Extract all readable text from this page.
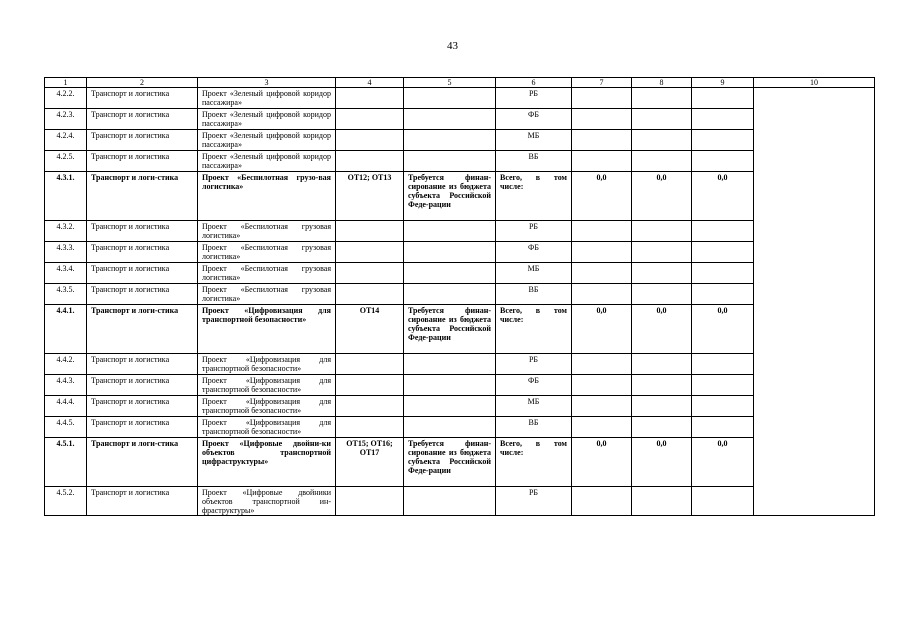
43
1	2	3	4	5	6	7	8	9	10
4.2.2.	Транспорт и логистика	Проект «Зеленый цифровой коридор пассажира»			РБ				
4.2.3.	Транспорт и логистика	Проект «Зеленый цифровой коридор пассажира»			ФБ				
4.2.4.	Транспорт и логистика	Проект «Зеленый цифровой коридор пассажира»			МБ				
4.2.5.	Транспорт и логистика	Проект «Зеленый цифровой коридор пассажира»			ВБ				
4.3.1.	Транспорт и логи-стика	Проект «Беспилотная грузо-вая логистика»	ОТ12; ОТ13	Требуется финан-сирование из бюджета субъекта Российской Феде-рации	Всего, в том числе:	0,0	0,0	0,0	
4.3.2.	Транспорт и логистика	Проект «Беспилотная грузовая логистика»			РБ				
4.3.3.	Транспорт и логистика	Проект «Беспилотная грузовая логистика»			ФБ				
4.3.4.	Транспорт и логистика	Проект «Беспилотная грузовая логистика»			МБ				
4.3.5.	Транспорт и логистика	Проект «Беспилотная грузовая логистика»			ВБ				
4.4.1.	Транспорт и логи-стика	Проект «Цифровизация для транспортной безопасности»	ОТ14	Требуется финан-сирование из бюджета субъекта Российской Феде-рации	Всего, в том числе:	0,0	0,0	0,0	
4.4.2.	Транспорт и логистика	Проект «Цифровизация для транспортной безопасности»			РБ				
4.4.3.	Транспорт и логистика	Проект «Цифровизация для транспортной безопасности»			ФБ				
4.4.4.	Транспорт и логистика	Проект «Цифровизация для транспортной безопасности»			МБ				
4.4.5.	Транспорт и логистика	Проект «Цифровизация для транспортной безопасности»			ВБ				
4.5.1.	Транспорт и логи-стика	Проект «Цифровые двойни-ки объектов транспортной цифраструктуры»	ОТ15; ОТ16; ОТ17	Требуется финан-сирование из бюджета субъекта Российской Феде-рации	Всего, в том числе:	0,0	0,0	0,0	
4.5.2.	Транспорт и логистика	Проект «Цифровые двойники объектов транспортной ин-фраструктуры»			РБ				
